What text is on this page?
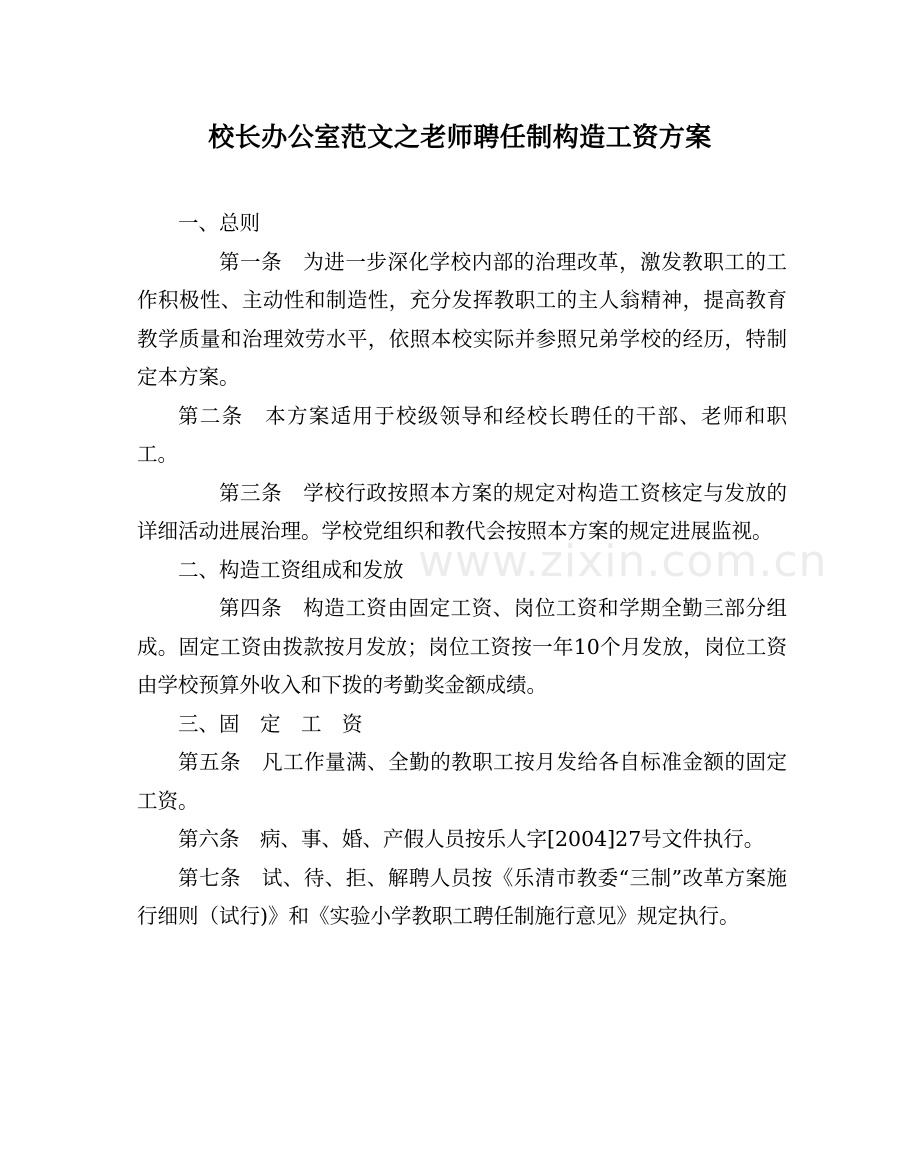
www.zixin.com.cn
校长办公室范文之老师聘任制构造工资方案

一、总则

第一条　为进一步深化学校内部的治理改革，激发教职工的工作积极性、主动性和制造性，充分发挥教职工的主人翁精神，提高教育教学质量和治理效劳水平，依照本校实际并参照兄弟学校的经历，特制定本方案。

第二条　本方案适用于校级领导和经校长聘任的干部、老师和职工。

第三条　学校行政按照本方案的规定对构造工资核定与发放的详细活动进展治理。学校党组织和教代会按照本方案的规定进展监视。

二、构造工资组成和发放

第四条　构造工资由固定工资、岗位工资和学期全勤三部分组成。固定工资由拨款按月发放；岗位工资按一年10个月发放，岗位工资由学校预算外收入和下拨的考勤奖金额成绩。

三、固　定　工　资

第五条　凡工作量满、全勤的教职工按月发给各自标准金额的固定工资。

第六条　病、事、婚、产假人员按乐人字[2004]27号文件执行。

第七条　试、待、拒、解聘人员按《乐清市教委“三制”改革方案施行细则（试行)》和《实验小学教职工聘任制施行意见》规定执行。
